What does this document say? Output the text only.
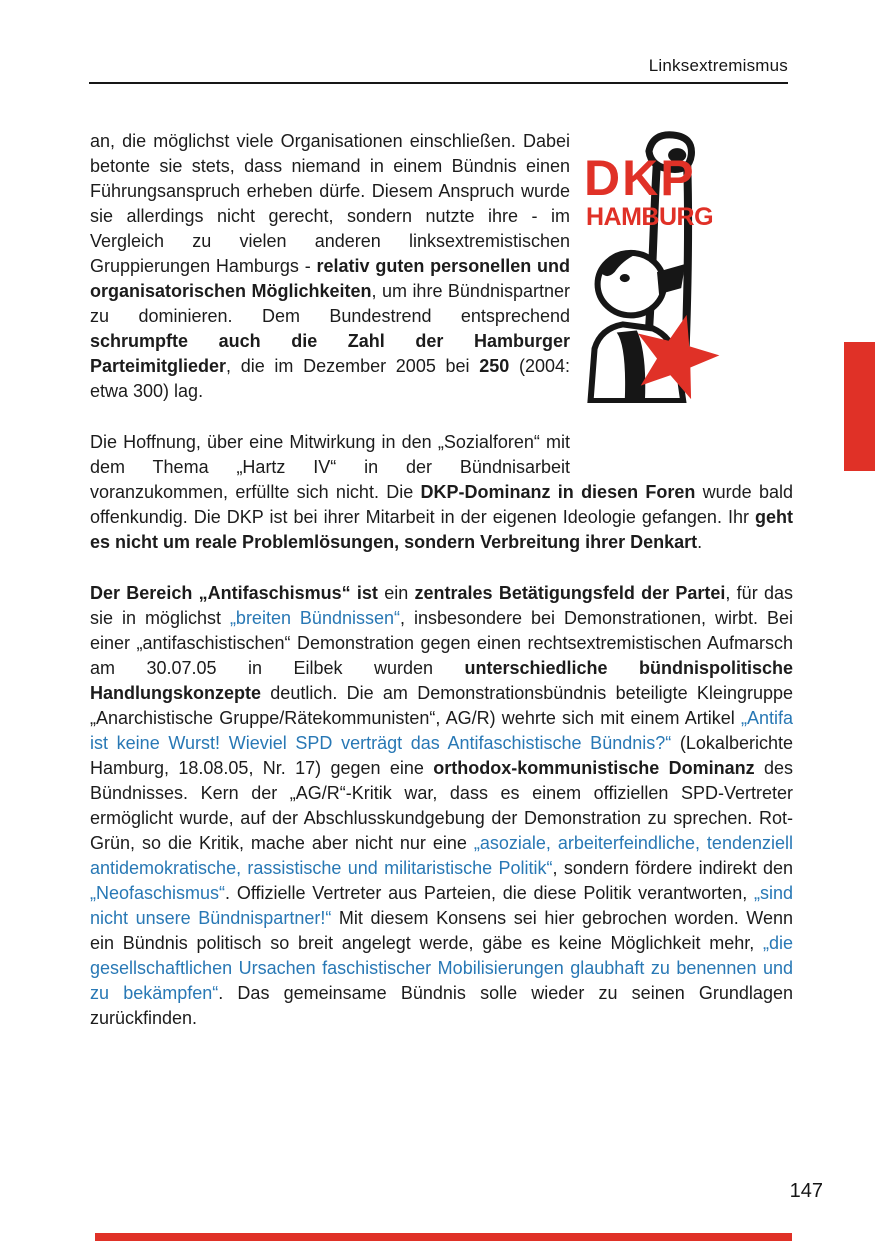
Linksextremismus
DKP
HAMBURG

an, die möglichst viele Organisationen einschließen. Dabei betonte sie stets, dass niemand in einem Bündnis einen Führungsanspruch erheben dürfe. Diesem Anspruch wurde sie allerdings nicht gerecht, sondern nutzte ihre - im Vergleich zu vielen anderen linksextremistischen Gruppierungen Hamburgs - relativ guten personellen und organisatorischen Möglichkeiten, um ihre Bündnispartner zu dominieren. Dem Bundestrend entsprechend schrumpfte auch die Zahl der Hamburger Parteimitglieder, die im Dezember 2005 bei 250 (2004: etwa 300) lag.

Die Hoffnung, über eine Mitwirkung in den „Sozialforen“ mit dem Thema „Hartz IV“ in der Bündnisarbeit voranzukommen, erfüllte sich nicht. Die DKP-Dominanz in diesen Foren wurde bald offenkundig. Die DKP ist bei ihrer Mitarbeit in der eigenen Ideologie gefangen. Ihr geht es nicht um reale Problemlösungen, sondern Verbreitung ihrer Denkart.

Der Bereich „Antifaschismus“ ist ein zentrales Betätigungsfeld der Partei, für das sie in möglichst „breiten Bündnissen“, insbesondere bei Demonstrationen, wirbt. Bei einer „antifaschistischen“ Demonstration gegen einen rechtsextremistischen Aufmarsch am 30.07.05 in Eilbek wurden unterschiedliche bündnispolitische Handlungskonzepte deutlich. Die am Demonstrationsbündnis beteiligte Kleingruppe „Anarchistische Gruppe/Rätekommunisten“, AG/R) wehrte sich mit einem Artikel „Antifa ist keine Wurst! Wieviel SPD verträgt das Antifaschistische Bündnis?“ (Lokalberichte Hamburg, 18.08.05, Nr. 17) gegen eine orthodox-kommunistische Dominanz des Bündnisses. Kern der „AG/R“-Kritik war, dass es einem offiziellen SPD-Vertreter ermöglicht wurde, auf der Abschlusskundgebung der Demonstration zu sprechen. Rot-Grün, so die Kritik, mache aber nicht nur eine „asoziale, arbeiterfeindliche, tendenziell antidemokratische, rassistische und militaristische Politik“, sondern fördere indirekt den „Neofaschismus“. Offizielle Vertreter aus Parteien, die diese Politik verantworten, „sind nicht unsere Bündnispartner!“ Mit diesem Konsens sei hier gebrochen worden. Wenn ein Bündnis politisch so breit angelegt werde, gäbe es keine Möglichkeit mehr, „die gesellschaftlichen Ursachen faschistischer Mobilisierungen glaubhaft zu benennen und zu bekämpfen“. Das gemeinsame Bündnis solle wieder zu seinen Grundlagen zurückfinden.

147
